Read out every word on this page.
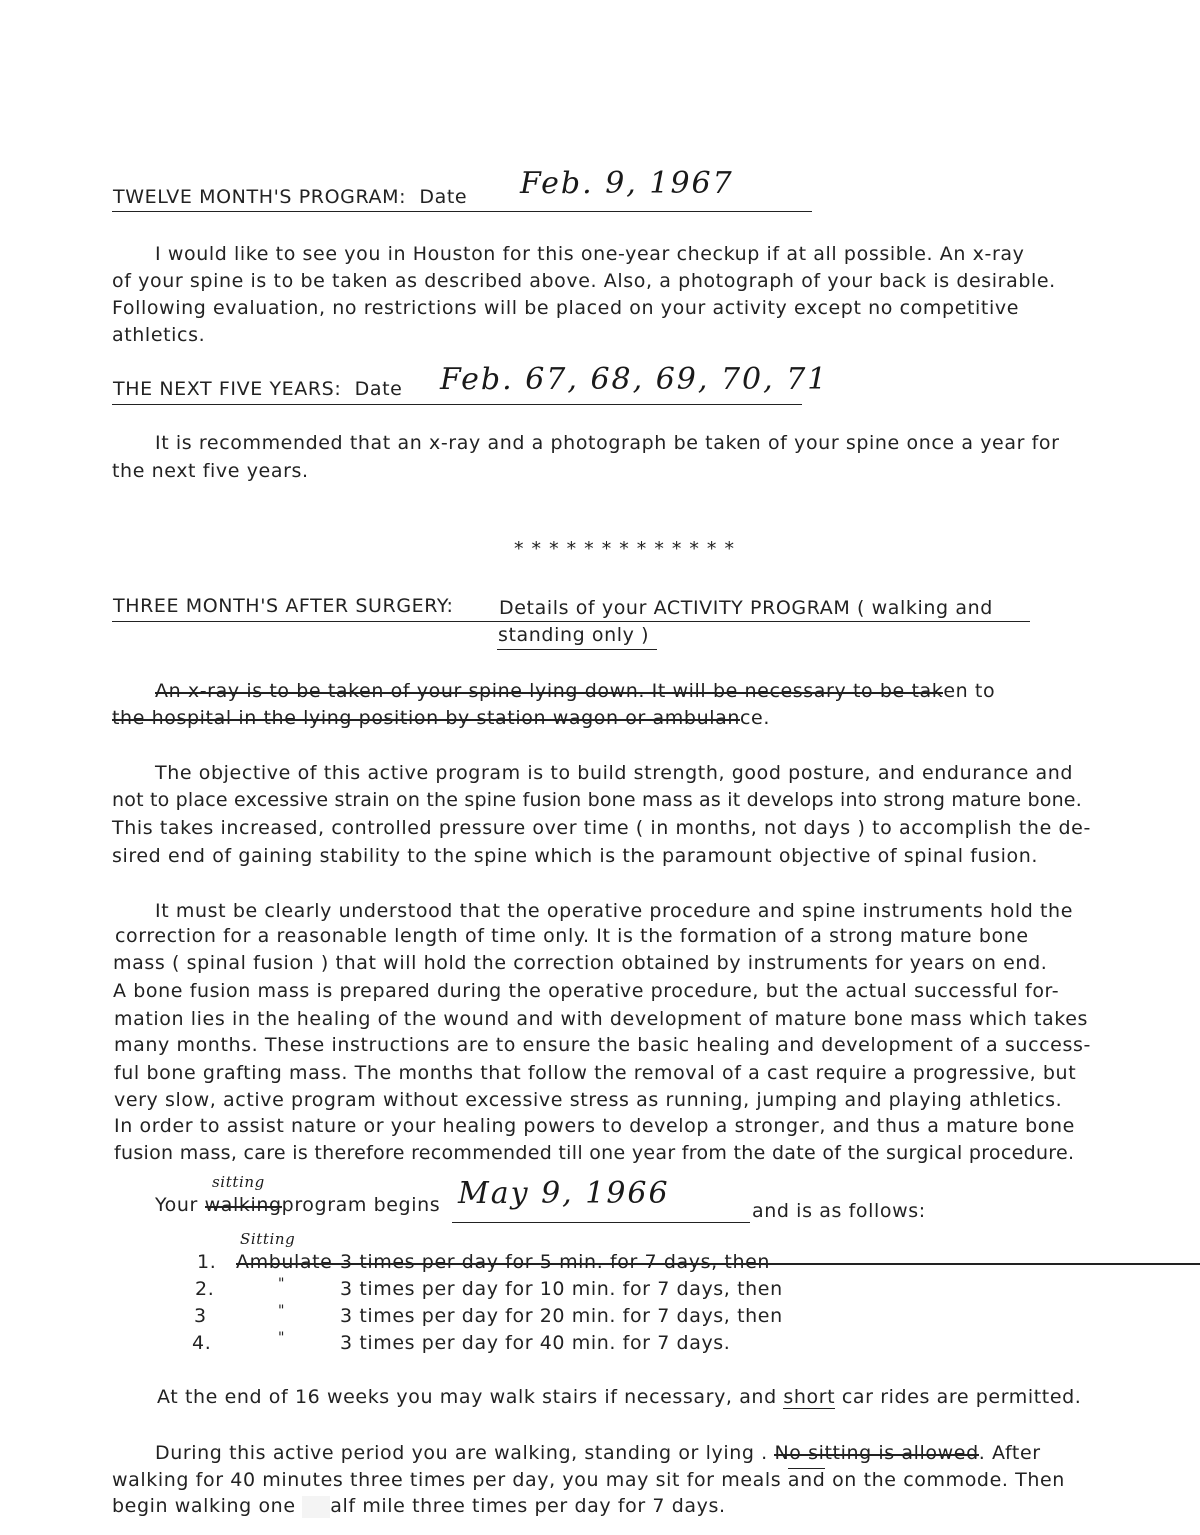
TWELVE MONTH'S PROGRAM: Date Feb. 9, 1967
I would like to see you in Houston for this one-year checkup if at all possible. An x-ray
of your spine is to be taken as described above. Also, a photograph of your back is desirable.
Following evaluation, no restrictions will be placed on your activity except no competitive
athletics.
THE NEXT FIVE YEARS: Date Feb. 67, 68, 69, 70, 71
It is recommended that an x-ray and a photograph be taken of your spine once a year for
the next five years.
* * * * * * * * * * * * *
THREE MONTH'S AFTER SURGERY: Details of your ACTIVITY PROGRAM ( walking and
standing only )
An x-ray is to be taken of your spine lying down. It will be necessary to be taken to
the hospital in the lying position by station wagon or ambulance.
The objective of this active program is to build strength, good posture, and endurance and
not to place excessive strain on the spine fusion bone mass as it develops into strong mature bone.
This takes increased, controlled pressure over time ( in months, not days ) to accomplish the de-
sired end of gaining stability to the spine which is the paramount objective of spinal fusion.
It must be clearly understood that the operative procedure and spine instruments hold the
correction for a reasonable length of time only. It is the formation of a strong mature bone
mass ( spinal fusion ) that will hold the correction obtained by instruments for years on end.
A bone fusion mass is prepared during the operative procedure, but the actual successful for-
mation lies in the healing of the wound and with development of mature bone mass which takes
many months. These instructions are to ensure the basic healing and development of a success-
ful bone grafting mass. The months that follow the removal of a cast require a progressive, but
very slow, active program without excessive stress as running, jumping and playing athletics.
In order to assist nature or your healing powers to develop a stronger, and thus a mature bone
fusion mass, care is therefore recommended till one year from the date of the surgical procedure.
sitting
Your walkingprogram begins May 9, 1966	and is as follows:
Sitting
1. Ambulate 3 times per day for 5 min. for 7 days, then
2.	"	3 times per day for 10 min. for 7 days, then
3	"	3 times per day for 20 min. for 7 days, then
4.	"	3 times per day for 40 min. for 7 days.
At the end of 16 weeks you may walk stairs if necessary, and short car rides are permitted.
During this active period you are walking, standing or lying . No sitting is allowed. After
walking for 40 minutes three times per day, you may sit for meals and on the commode. Then
begin walking one alf mile three times per day for 7 days.
